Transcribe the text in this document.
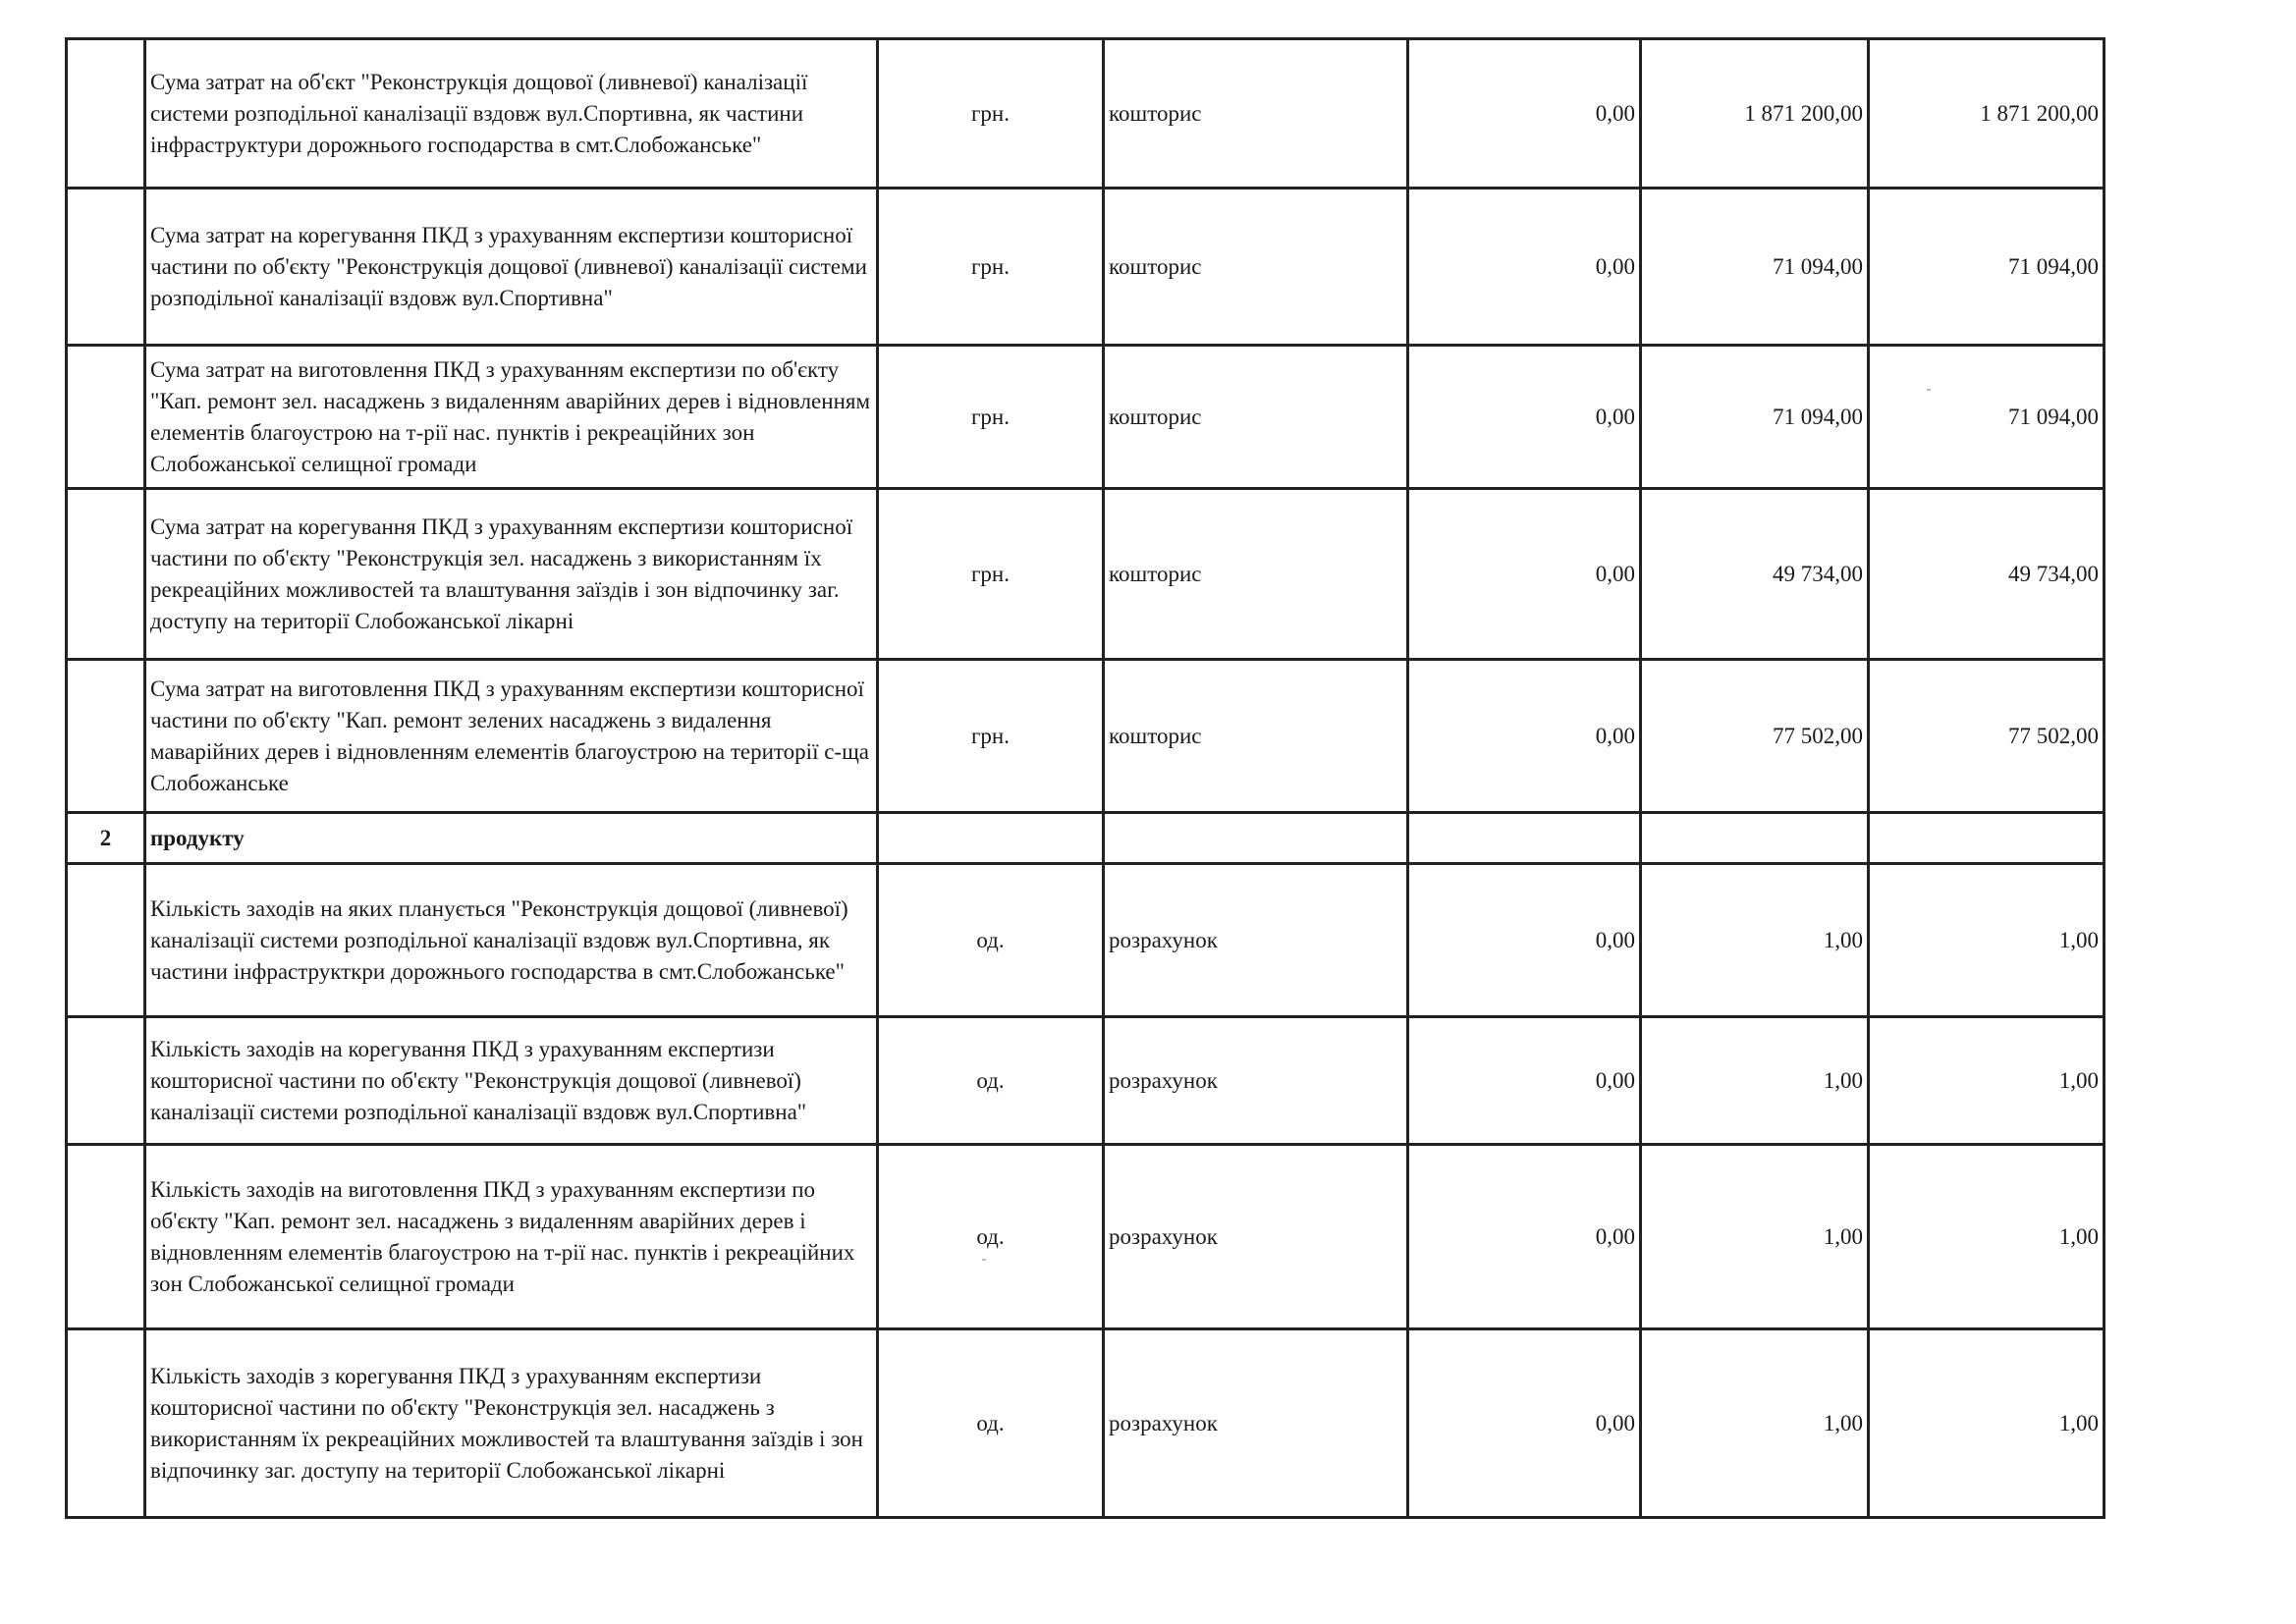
	Сума затрат на об'єкт "Реконструкція дощової (ливневої) каналізації системи розподільної каналізації вздовж вул.Спортивна, як частини інфраструктури дорожнього господарства в смт.Слобожанське"	грн.	кошторис	0,00	1 871 200,00	1 871 200,00
	Сума затрат на корегування ПКД з урахуванням експертизи кошторисної частини по об'єкту "Реконструкція дощової (ливневої) каналізації системи розподільної каналізації вздовж вул.Спортивна"	грн.	кошторис	0,00	71 094,00	71 094,00
	Сума затрат на виготовлення ПКД з урахуванням експертизи по об'єкту "Кап. ремонт зел. насаджень з видаленням аварійних дерев і відновленням елементів благоустрою на т-рії нас. пунктів і рекреаційних зон Слобожанської селищної громади	грн.	кошторис	0,00	71 094,00	71 094,00
	Сума затрат на корегування ПКД з урахуванням експертизи кошторисної частини по об'єкту "Реконструкція зел. насаджень з використанням їх рекреаційних можливостей та влаштування заїздів і зон відпочинку заг. доступу на території Слобожанської лікарні	грн.	кошторис	0,00	49 734,00	49 734,00
	Сума затрат на виготовлення ПКД з урахуванням експертизи кошторисної частини по об'єкту "Кап. ремонт зелених насаджень з видалення маварійних дерев і відновленням елементів благоустрою на території с-ща Слобожанське	грн.	кошторис	0,00	77 502,00	77 502,00
2	продукту					
	Кількість заходів на яких планується "Реконструкція дощової (ливневої) каналізації системи розподільної каналізації вздовж вул.Спортивна, як частини інфраструкткри дорожнього господарства в смт.Слобожанське"	од.	розрахунок	0,00	1,00	1,00
	Кількість заходів на корегування ПКД з урахуванням експертизи кошторисної частини по об'єкту "Реконструкція дощової (ливневої) каналізації системи розподільної каналізації вздовж вул.Спортивна"	од.	розрахунок	0,00	1,00	1,00
	Кількість заходів на виготовлення ПКД з урахуванням експертизи по об'єкту "Кап. ремонт зел. насаджень з видаленням аварійних дерев і відновленням елементів благоустрою на т-рії нас. пунктів і рекреаційних зон Слобожанської селищної громади	од.	розрахунок	0,00	1,00	1,00
	Кількість заходів з корегування ПКД з урахуванням експертизи кошторисної частини по об'єкту "Реконструкція зел. насаджень з використанням їх рекреаційних можливостей та влаштування заїздів і зон відпочинку заг. доступу на території Слобожанської лікарні	од.	розрахунок	0,00	1,00	1,00
